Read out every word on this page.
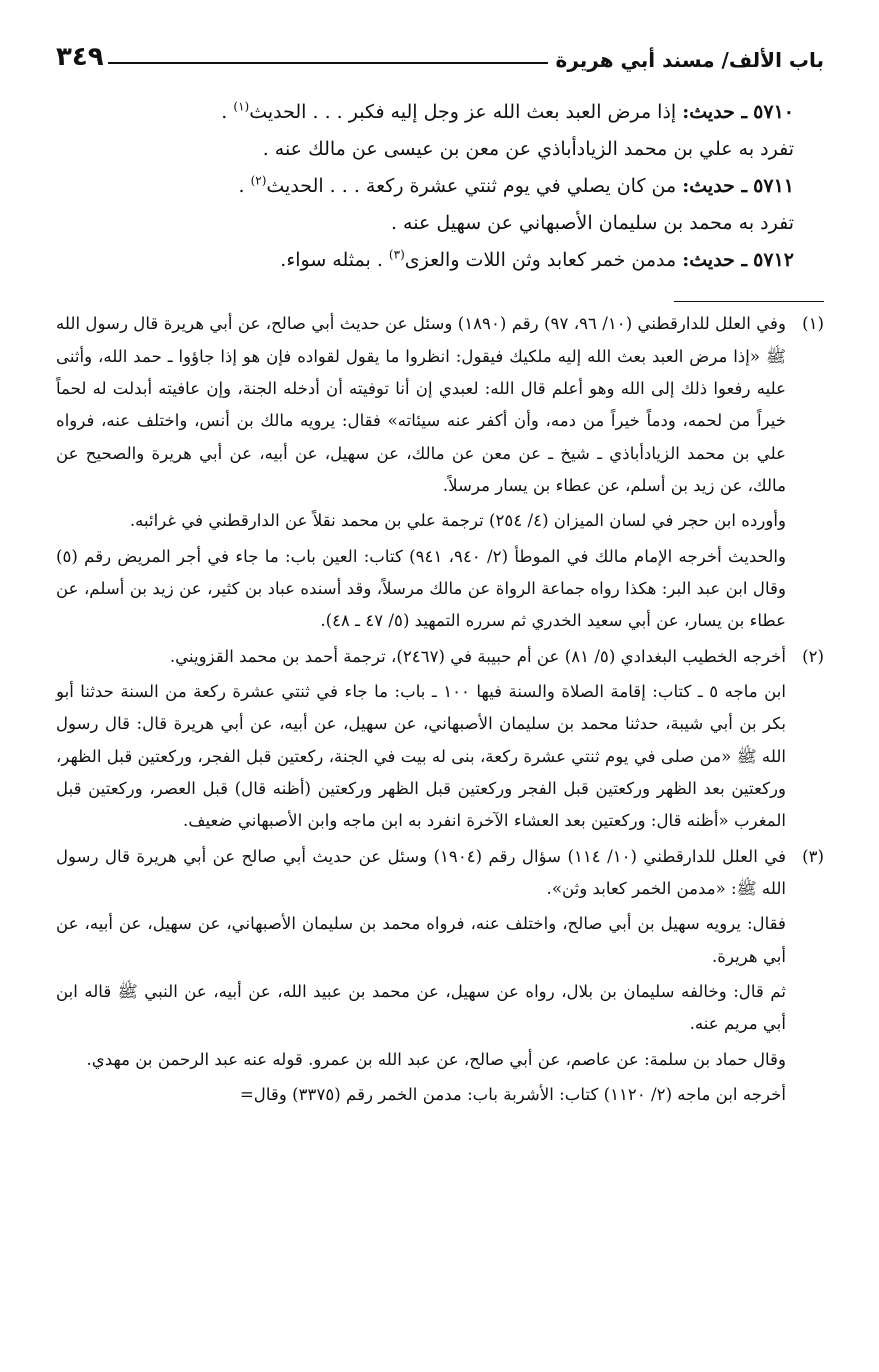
باب الألف/ مسند أبي هريرة
٣٤٩

٥٧١٠ ـ حديث: إذا مرض العبد بعث الله عز وجل إليه فكبر . . . الحديث$^{(١)}$ .

تفرد به علي بن محمد الزيادأباذي عن معن بن عيسى عن مالك عنه .

٥٧١١ ـ حديث: من كان يصلي في يوم ثنتي عشرة ركعة . . . الحديث$^{(٢)}$ .

تفرد به محمد بن سليمان الأصبهاني عن سهيل عنه .

٥٧١٢ ـ حديث: مدمن خمر كعابد وثن اللات والعزى$^{(٣)}$ . بمثله سواء.

(١)

وفي العلل للدارقطني (١٠/ ٩٦، ٩٧) رقم (١٨٩٠) وسئل عن حديث أبي صالح، عن أبي هريرة قال رسول الله ﷺ «إذا مرض العبد بعث الله إليه ملكيك فيقول: انظروا ما يقول لقواده فإن هو إذا جاؤوا ـ حمد الله، وأثنى عليه رفعوا ذلك إلى الله وهو أعلم قال الله: لعبدي إن أنا توفيته أن أدخله الجنة، وإن عافيته أبدلت له لحماً خيراً من لحمه، ودماً خيراً من دمه، وأن أكفر عنه سيئاته» فقال: يرويه مالك بن أنس، واختلف عنه، فرواه علي بن محمد الزيادأباذي ـ شيخ ـ عن معن عن مالك، عن سهيل، عن أبيه، عن أبي هريرة والصحيح عن مالك، عن زيد بن أسلم، عن عطاء بن يسار مرسلاً.

وأورده ابن حجر في لسان الميزان (٤/ ٢٥٤) ترجمة علي بن محمد نقلاً عن الدارقطني في غرائبه.

والحديث أخرجه الإمام مالك في الموطأ (٢/ ٩٤٠، ٩٤١) كتاب: العين باب: ما جاء في أجر المريض رقم (٥) وقال ابن عبد البر: هكذا رواه جماعة الرواة عن مالك مرسلاً، وقد أسنده عباد بن كثير، عن زيد بن أسلم، عن عطاء بن يسار، عن أبي سعيد الخدري ثم سرره التمهيد (٥/ ٤٧ ـ ٤٨).

(٢)

أخرجه الخطيب البغدادي (٥/ ٨١) عن أم حبيبة في (٢٤٦٧)، ترجمة أحمد بن محمد القزويني.

ابن ماجه ٥ ـ كتاب: إقامة الصلاة والسنة فيها ١٠٠ ـ باب: ما جاء في ثنتي عشرة ركعة من السنة حدثنا أبو بكر بن أبي شيبة، حدثنا محمد بن سليمان الأصبهاني، عن سهيل، عن أبيه، عن أبي هريرة قال: قال رسول الله ﷺ «من صلى في يوم ثنتي عشرة ركعة، بنى له بيت في الجنة، ركعتين قبل الفجر، وركعتين قبل الظهر، وركعتين بعد الظهر وركعتين قبل الفجر وركعتين قبل الظهر وركعتين (أظنه قال) قبل العصر، وركعتين قبل المغرب «أظنه قال: وركعتين بعد العشاء الآخرة انفرد به ابن ماجه وابن الأصبهاني ضعيف.

(٣)

في العلل للدارقطني (١٠/ ١١٤) سؤال رقم (١٩٠٤) وسئل عن حديث أبي صالح عن أبي هريرة قال رسول الله ﷺ: «مدمن الخمر كعابد وثن».

فقال: يرويه سهيل بن أبي صالح، واختلف عنه، فرواه محمد بن سليمان الأصبهاني، عن سهيل، عن أبيه، عن أبي هريرة.

ثم قال: وخالفه سليمان بن بلال، رواه عن سهيل، عن محمد بن عبيد الله، عن أبيه، عن النبي ﷺ قاله ابن أبي مريم عنه.

وقال حماد بن سلمة: عن عاصم، عن أبي صالح، عن عبد الله بن عمرو. قوله عنه عبد الرحمن بن مهدي.

أخرجه ابن ماجه (٢/ ١١٢٠) كتاب: الأشربة باب: مدمن الخمر رقم (٣٣٧٥) وقال=
